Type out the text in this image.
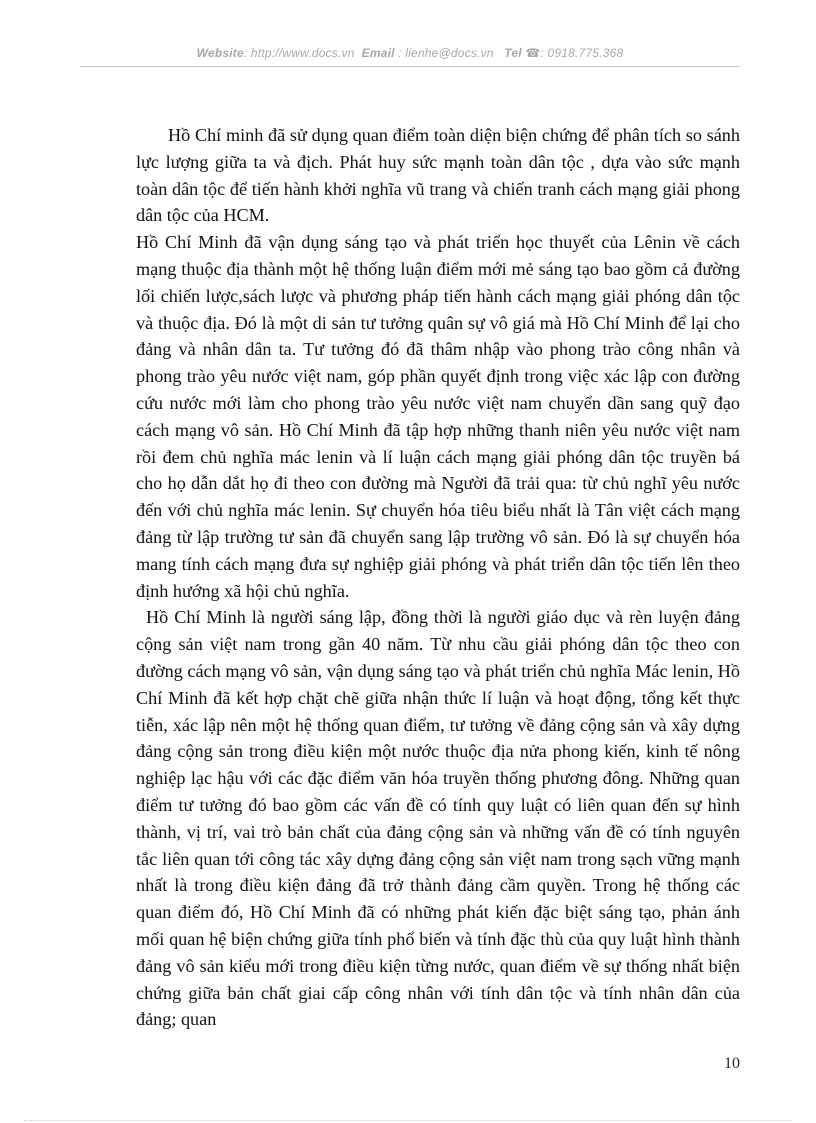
Website: http://www.docs.vn Email : lienhe@docs.vn Tel ☎: 0918.775.368

Hồ Chí minh đã sử dụng quan điểm toàn diện biện chứng để phân tích so sánh lực lượng giữa ta và địch. Phát huy sức mạnh toàn dân tộc , dựa vào sức mạnh toàn dân tộc để tiến hành khởi nghĩa vũ trang và chiến tranh cách mạng giải phong dân tộc của HCM.

Hồ Chí Minh đã vận dụng sáng tạo và phát triển học thuyết của Lênin về cách mạng thuộc địa thành một hệ thống luận điểm mới mẻ sáng tạo bao gồm cả đường lối chiến lược,sách lược và phương pháp tiến hành cách mạng giải phóng dân tộc và thuộc địa. Đó là một di sản tư tưởng quân sự vô giá mà Hồ Chí Minh để lại cho đảng và nhân dân ta. Tư tưởng đó đã thâm nhập vào phong trào công nhân và phong trào yêu nước việt nam, góp phần quyết định trong việc xác lập con đường cứu nước mới làm cho phong trào yêu nước việt nam chuyển dần sang quỹ đạo cách mạng vô sản. Hồ Chí Minh đã tập hợp những thanh niên yêu nước việt nam rồi đem chủ nghĩa mác lenin và lí luận cách mạng giải phóng dân tộc truyền bá cho họ dẫn dắt họ đi theo con đường mà Người đã trải qua: từ chủ nghĩ yêu nước đến với chủ nghĩa mác lenin. Sự chuyển hóa tiêu biểu nhất là Tân việt cách mạng đảng từ lập trường tư sản đã chuyển sang lập trường vô sản. Đó là sự chuyển hóa mang tính cách mạng đưa sự nghiệp giải phóng và phát triển dân tộc tiến lên theo định hướng xã hội chủ nghĩa.

Hồ Chí Minh là người sáng lập, đồng thời là người giáo dục và rèn luyện đảng cộng sản việt nam trong gần 40 năm. Từ nhu cầu giải phóng dân tộc theo con đường cách mạng vô sản, vận dụng sáng tạo và phát triển chủ nghĩa Mác lenin, Hồ Chí Minh đã kết hợp chặt chẽ giữa nhận thức lí luận và hoạt động, tổng kết thực tiễn, xác lập nên một hệ thống quan điểm, tư tưởng về đảng cộng sản và xây dựng đảng cộng sản trong điều kiện một nước thuộc địa nửa phong kiến, kinh tế nông nghiệp lạc hậu với các đặc điểm văn hóa truyền thống phương đông. Những quan điểm tư tưởng đó bao gồm các vấn đề có tính quy luật có liên quan đến sự hình thành, vị trí, vai trò bản chất của đảng cộng sản và những vấn đề có tính nguyên tắc liên quan tới công tác xây dựng đảng cộng sản việt nam trong sạch vững mạnh nhất là trong điều kiện đảng đã trở thành đảng cầm quyền. Trong hệ thống các quan điểm đó, Hồ Chí Minh đã có những phát kiến đặc biệt sáng tạo, phản ánh mối quan hệ biện chứng giữa tính phổ biến và tính đặc thù của quy luật hình thành đảng vô sản kiểu mới trong điều kiện từng nước, quan điểm về sự thống nhất biện chứng giữa bản chất giai cấp công nhân với tính dân tộc và tính nhân dân của đảng; quan

10
